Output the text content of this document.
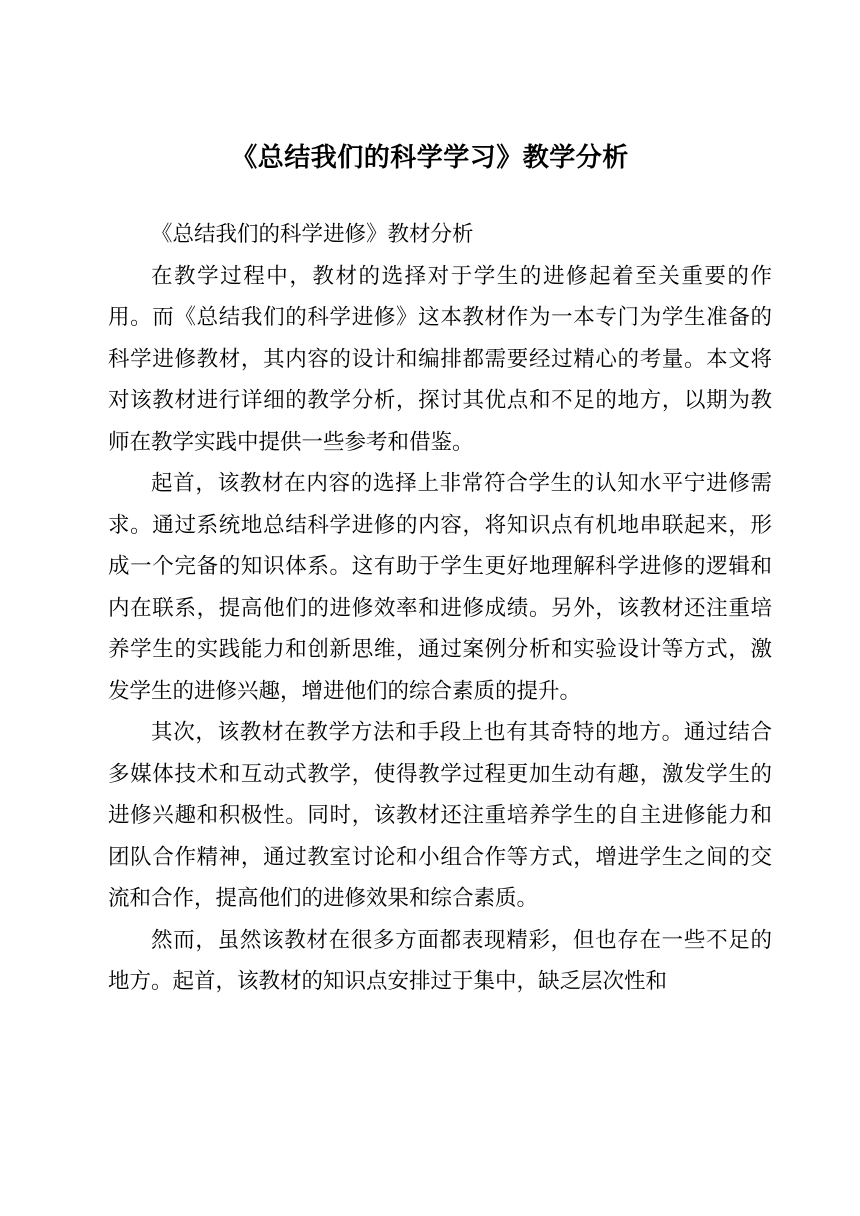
《总结我们的科学学习》教学分析

《总结我们的科学进修》教材分析

在教学过程中，教材的选择对于学生的进修起着至关重要的作用。而《总结我们的科学进修》这本教材作为一本专门为学生准备的科学进修教材，其内容的设计和编排都需要经过精心的考量。本文将对该教材进行详细的教学分析，探讨其优点和不足的地方，以期为教师在教学实践中提供一些参考和借鉴。

起首，该教材在内容的选择上非常符合学生的认知水平宁进修需求。通过系统地总结科学进修的内容，将知识点有机地串联起来，形成一个完备的知识体系。这有助于学生更好地理解科学进修的逻辑和内在联系，提高他们的进修效率和进修成绩。另外，该教材还注重培养学生的实践能力和创新思维，通过案例分析和实验设计等方式，激发学生的进修兴趣，增进他们的综合素质的提升。

其次，该教材在教学方法和手段上也有其奇特的地方。通过结合多媒体技术和互动式教学，使得教学过程更加生动有趣，激发学生的进修兴趣和积极性。同时，该教材还注重培养学生的自主进修能力和团队合作精神，通过教室讨论和小组合作等方式，增进学生之间的交流和合作，提高他们的进修效果和综合素质。

然而，虽然该教材在很多方面都表现精彩，但也存在一些不足的地方。起首，该教材的知识点安排过于集中，缺乏层次性和
